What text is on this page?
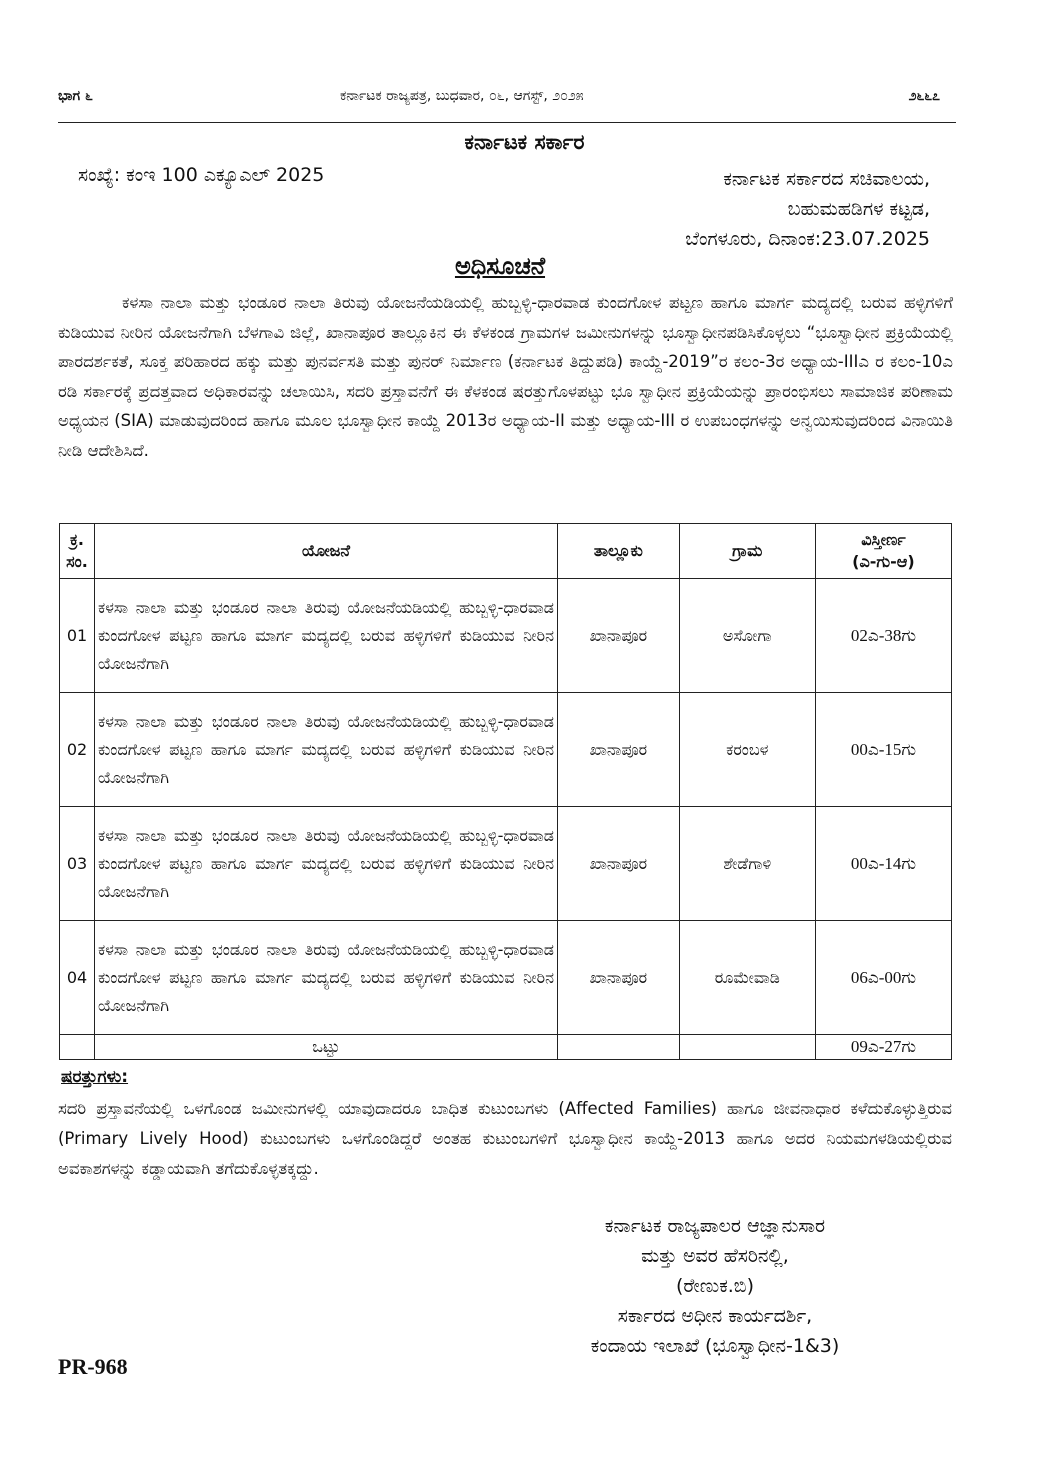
ಭಾಗ ೬	ಕರ್ನಾಟಕ ರಾಜ್ಯಪತ್ರ, ಬುಧವಾರ, ೦೬, ಆಗಸ್ಟ್, ೨೦೨೫	೨೬೬೭
ಕರ್ನಾಟಕ ಸರ್ಕಾರ
ಸಂಖ್ಯೆ: ಕಂಇ 100 ಎಕ್ಯೂಎಲ್ 2025	ಕರ್ನಾಟಕ ಸರ್ಕಾರದ ಸಚಿವಾಲಯ,
ಬಹುಮಹಡಿಗಳ ಕಟ್ಟಡ,
ಬೆಂಗಳೂರು, ದಿನಾಂಕ:23.07.2025
ಅಧಿಸೂಚನೆ

ಕಳಸಾ ನಾಲಾ ಮತ್ತು ಭಂಡೂರ ನಾಲಾ ತಿರುವು ಯೋಜನೆಯಡಿಯಲ್ಲಿ ಹುಬ್ಬಳ್ಳಿ-ಧಾರವಾಡ ಕುಂದಗೋಳ ಪಟ್ಟಣ ಹಾಗೂ ಮಾರ್ಗ ಮದ್ಯದಲ್ಲಿ ಬರುವ ಹಳ್ಳಿಗಳಿಗೆ ಕುಡಿಯುವ ನೀರಿನ ಯೋಜನೆಗಾಗಿ ಬೆಳಗಾವಿ ಜಿಲ್ಲೆ, ಖಾನಾಪೂರ ತಾಲ್ಲೂಕಿನ ಈ ಕೆಳಕಂಡ ಗ್ರಾಮಗಳ ಜಮೀನುಗಳನ್ನು ಭೂಸ್ವಾಧೀನಪಡಿಸಿಕೊಳ್ಳಲು “ಭೂಸ್ವಾಧೀನ ಪ್ರಕ್ರಿಯೆಯಲ್ಲಿ ಪಾರದರ್ಶಕತೆ, ಸೂಕ್ತ ಪರಿಹಾರದ ಹಕ್ಕು ಮತ್ತು ಪುನರ್ವಸತಿ ಮತ್ತು ಪುನರ್ ನಿರ್ಮಾಣ (ಕರ್ನಾಟಕ ತಿದ್ದುಪಡಿ) ಕಾಯ್ದೆ-2019”ರ ಕಲಂ-3ರ ಅಧ್ಯಾಯ-IIIಎ ರ ಕಲಂ-10ಎ ರಡಿ ಸರ್ಕಾರಕ್ಕೆ ಪ್ರದತ್ತವಾದ ಅಧಿಕಾರವನ್ನು ಚಲಾಯಿಸಿ, ಸದರಿ ಪ್ರಸ್ತಾವನೆಗೆ ಈ ಕೆಳಕಂಡ ಷರತ್ತುಗೊಳಪಟ್ಟು ಭೂ ಸ್ವಾಧೀನ ಪ್ರಕ್ರಿಯೆಯನ್ನು ಪ್ರಾರಂಭಿಸಲು ಸಾಮಾಜಿಕ ಪರಿಣಾಮ ಅಧ್ಯಯನ (SIA) ಮಾಡುವುದರಿಂದ ಹಾಗೂ ಮೂಲ ಭೂಸ್ವಾಧೀನ ಕಾಯ್ದೆ 2013ರ ಅಧ್ಯಾಯ-II ಮತ್ತು ಅಧ್ಯಾಯ-III ರ ಉಪಬಂಧಗಳನ್ನು ಅನ್ವಯಿಸುವುದರಿಂದ ವಿನಾಯಿತಿ ನೀಡಿ ಆದೇಶಿಸಿದೆ.

ಕ್ರ. ಸಂ.	ಯೋಜನೆ	ತಾಲ್ಲೂಕು	ಗ್ರಾಮ	ವಿಸ್ತೀರ್ಣ
(ಎ-ಗು-ಆ)

01	ಕಳಸಾ ನಾಲಾ ಮತ್ತು ಭಂಡೂರ ನಾಲಾ ತಿರುವು ಯೋಜನೆಯಡಿಯಲ್ಲಿ ಹುಬ್ಬಳ್ಳಿ-ಧಾರವಾಡ ಕುಂದಗೋಳ ಪಟ್ಟಣ ಹಾಗೂ ಮಾರ್ಗ ಮದ್ಯದಲ್ಲಿ ಬರುವ ಹಳ್ಳಿಗಳಿಗೆ ಕುಡಿಯುವ ನೀರಿನ ಯೋಜನೆಗಾಗಿ	ಖಾನಾಪೂರ	ಅಸೋಗಾ	02ಎ-38ಗು
02	ಕಳಸಾ ನಾಲಾ ಮತ್ತು ಭಂಡೂರ ನಾಲಾ ತಿರುವು ಯೋಜನೆಯಡಿಯಲ್ಲಿ ಹುಬ್ಬಳ್ಳಿ-ಧಾರವಾಡ ಕುಂದಗೋಳ ಪಟ್ಟಣ ಹಾಗೂ ಮಾರ್ಗ ಮದ್ಯದಲ್ಲಿ ಬರುವ ಹಳ್ಳಿಗಳಿಗೆ ಕುಡಿಯುವ ನೀರಿನ ಯೋಜನೆಗಾಗಿ	ಖಾನಾಪೂರ	ಕರಂಬಳ	00ಎ-15ಗು
03	ಕಳಸಾ ನಾಲಾ ಮತ್ತು ಭಂಡೂರ ನಾಲಾ ತಿರುವು ಯೋಜನೆಯಡಿಯಲ್ಲಿ ಹುಬ್ಬಳ್ಳಿ-ಧಾರವಾಡ ಕುಂದಗೋಳ ಪಟ್ಟಣ ಹಾಗೂ ಮಾರ್ಗ ಮದ್ಯದಲ್ಲಿ ಬರುವ ಹಳ್ಳಿಗಳಿಗೆ ಕುಡಿಯುವ ನೀರಿನ ಯೋಜನೆಗಾಗಿ	ಖಾನಾಪೂರ	ಶೇಡೆಗಾಳಿ	00ಎ-14ಗು
04	ಕಳಸಾ ನಾಲಾ ಮತ್ತು ಭಂಡೂರ ನಾಲಾ ತಿರುವು ಯೋಜನೆಯಡಿಯಲ್ಲಿ ಹುಬ್ಬಳ್ಳಿ-ಧಾರವಾಡ ಕುಂದಗೋಳ ಪಟ್ಟಣ ಹಾಗೂ ಮಾರ್ಗ ಮದ್ಯದಲ್ಲಿ ಬರುವ ಹಳ್ಳಿಗಳಿಗೆ ಕುಡಿಯುವ ನೀರಿನ ಯೋಜನೆಗಾಗಿ	ಖಾನಾಪೂರ	ರೂಮೇವಾಡಿ	06ಎ-00ಗು
	ಒಟ್ಟು			09ಎ-27ಗು
ಷರತ್ತುಗಳು:

ಸದರಿ ಪ್ರಸ್ತಾವನೆಯಲ್ಲಿ ಒಳಗೊಂಡ ಜಮೀನುಗಳಲ್ಲಿ ಯಾವುದಾದರೂ ಬಾಧಿತ ಕುಟುಂಬಗಳು (Affected Families) ಹಾಗೂ ಜೀವನಾಧಾರ ಕಳೆದುಕೊಳ್ಳುತ್ತಿರುವ (Primary Lively Hood) ಕುಟುಂಬಗಳು ಒಳಗೊಂಡಿದ್ದರೆ ಅಂತಹ ಕುಟುಂಬಗಳಿಗೆ ಭೂಸ್ವಾಧೀನ ಕಾಯ್ದೆ-2013 ಹಾಗೂ ಅದರ ನಿಯಮಗಳಡಿಯಲ್ಲಿರುವ ಅವಕಾಶಗಳನ್ನು ಕಡ್ಡಾಯವಾಗಿ ತಗೆದುಕೊಳ್ಳತಕ್ಕದ್ದು.

ಕರ್ನಾಟಕ ರಾಜ್ಯಪಾಲರ ಆಜ್ಞಾನುಸಾರ
ಮತ್ತು ಅವರ ಹೆಸರಿನಲ್ಲಿ,
(ರೇಣುಕ.ಬಿ)
ಸರ್ಕಾರದ ಅಧೀನ ಕಾರ್ಯದರ್ಶಿ,
ಕಂದಾಯ ಇಲಾಖೆ (ಭೂಸ್ವಾಧೀನ-1&3)
PR-968
